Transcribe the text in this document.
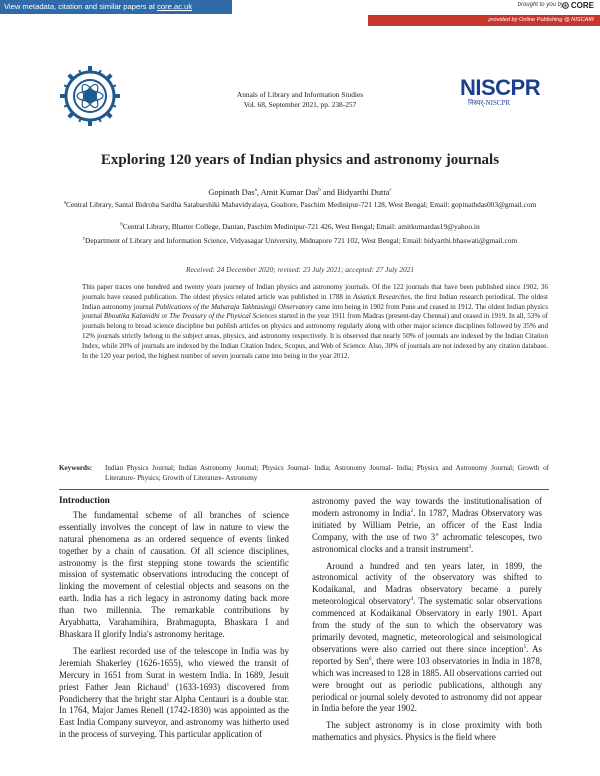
View metadata, citation and similar papers at core.ac.uk	brought to you by CORE
provided by Online Publishing @ NISCAIR
Annals of Library and Information Studies
Vol. 68, September 2021, pp. 238-257
NISCPR
निस्पर्-NISCPR
Exploring 120 years of Indian physics and astronomy journals
Gopinath Das$^a$, Amit Kumar Das$^b$ and Bidyarthi Dutta$^c$
$^a$Central Library, Santal Bidroha Sardha Satabarshiki Mahavidyalaya, Goaltore, Paschim Medinipur-721 128, West Bengal; Email: gopinathdas003@gmail.com
$^b$Central Library, Bhatter College, Dantan, Paschim Medinipur-721 426, West Bengal; Email: amitkumardas19@yahoo.in
$^c$Department of Library and Information Science, Vidyasagar University, Midnapore 721 102, West Bengal; Email: bidyarthi.bhaswati@gmail.com
Received: 24 December 2020; revised: 23 July 2021; accepted: 27 July 2021
This paper traces one hundred and twenty years journey of Indian physics and astronomy journals. Of the 122 journals that have been published since 1902, 36 journals have ceased publication. The oldest physics related article was published in 1788 in Asiatick Researches, the first Indian research periodical. The oldest Indian astronomy journal Publications of the Maharaja Takhtasingji Observatory came into being in 1902 from Pune and ceased in 1912. The oldest Indian physics journal Bhoutika Kalanidhi or The Treasury of the Physical Sciences started in the year 1911 from Madras (present-day Chennai) and ceased in 1919. In all, 53% of journals belong to broad science discipline but publish articles on physics and astronomy regularly along with other major science disciplines followed by 35% and 12% journals strictly belong to the subject areas, physics, and astronomy respectively. It is observed that nearly 50% of journals are indexed by the Indian Citation Index, while 20% of journals are indexed by the Indian Citation Index, Scopus, and Web of Science. Also, 30% of journals are not indexed by any citation database. In the 120 year period, the highest number of seven journals came into being in the year 2012.
Keywords: Indian Physics Journal; Indian Astronomy Journal; Physics Journal- India; Astronomy Journal- India; Physics and Astronomy Journal; Growth of Literature- Physics; Growth of Literature- Astronomy
Introduction

The fundamental scheme of all branches of science essentially involves the concept of law in nature to view the natural phenomena as an ordered sequence of events linked together by a chain of causation. Of all science disciplines, astronomy is the first stepping stone towards the scientific mission of systematic observations introducing the concept of linking the movement of celestial objects and seasons on the earth. India has a rich legacy in astronomy dating back more than two millennia. The remarkable contributions by Aryabhatta, Varahamihira, Brahmagupta, Bhaskara I and Bhaskara II glorify India's astronomy heritage.

The earliest recorded use of the telescope in India was by Jeremiah Shakerley (1626-1655), who viewed the transit of Mercury in 1651 from Surat in western India. In 1689, Jesuit priest Father Jean Richaud$^1$ (1633-1693) discovered from Pondicherry that the bright star Alpha Centauri is a double star. In 1764, Major James Renell (1742-1830) was appointed as the East India Company surveyor, and astronomy was hitherto used in the process of surveying. This particular application of

astronomy paved the way towards the institutionalisation of modern astronomy in India$^2$. In 1787, Madras Observatory was initiated by William Petrie, an officer of the East India Company, with the use of two 3" achromatic telescopes, two astronomical clocks and a transit instrument$^3$.

Around a hundred and ten years later, in 1899, the astronomical activity of the observatory was shifted to Kodaikanal, and Madras observatory became a purely meteorological observatory$^4$. The systematic solar observations commenced at Kodaikanal Observatory in early 1901. Apart from the study of the sun to which the observatory was primarily devoted, magnetic, meteorological and seismological observations were also carried out there since inception$^5$. As reported by Sen$^6$, there were 103 observatories in India in 1878, which was increased to 128 in 1885. All observations carried out were brought out as periodic publications, although any periodical or journal solely devoted to astronomy did not appear in India before the year 1902.

The subject astronomy is in close proximity with both mathematics and physics. Physics is the field where
